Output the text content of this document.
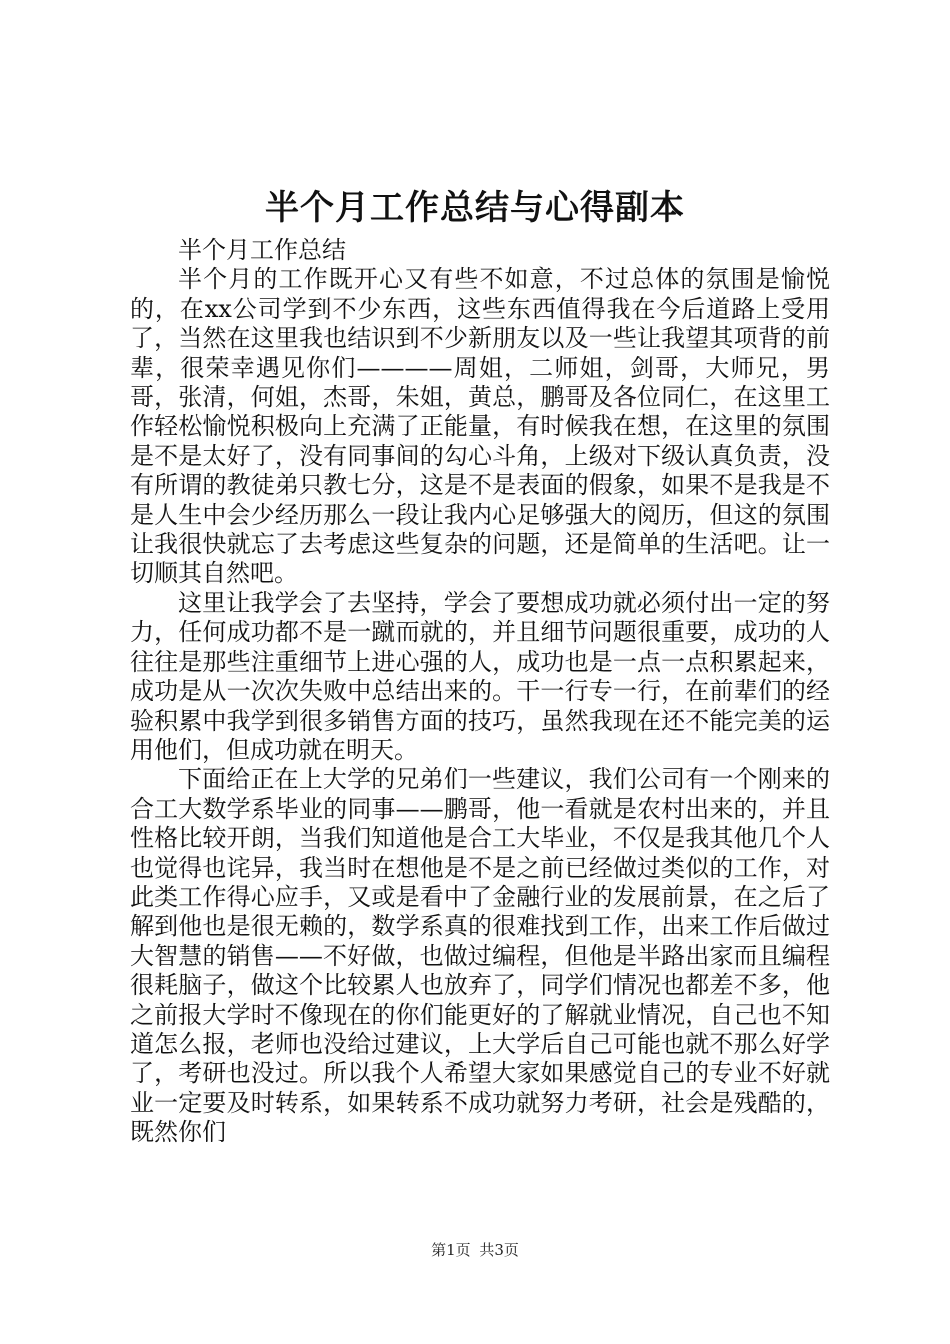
半个月工作总结与心得副本

半个月工作总结

半个月的工作既开心又有些不如意，不过总体的氛围是愉悦的，在xx公司学到不少东西，这些东西值得我在今后道路上受用了，当然在这里我也结识到不少新朋友以及一些让我望其项背的前辈，很荣幸遇见你们————周姐，二师姐，剑哥，大师兄，男哥，张清，何姐，杰哥，朱姐，黄总，鹏哥及各位同仁，在这里工作轻松愉悦积极向上充满了正能量，有时候我在想，在这里的氛围是不是太好了，没有同事间的勾心斗角，上级对下级认真负责，没有所谓的教徒弟只教七分，这是不是表面的假象，如果不是我是不是人生中会少经历那么一段让我内心足够强大的阅历，但这的氛围让我很快就忘了去考虑这些复杂的问题，还是简单的生活吧。让一切顺其自然吧。

这里让我学会了去坚持，学会了要想成功就必须付出一定的努力，任何成功都不是一蹴而就的，并且细节问题很重要，成功的人往往是那些注重细节上进心强的人，成功也是一点一点积累起来，成功是从一次次失败中总结出来的。干一行专一行，在前辈们的经验积累中我学到很多销售方面的技巧，虽然我现在还不能完美的运用他们，但成功就在明天。

下面给正在上大学的兄弟们一些建议，我们公司有一个刚来的合工大数学系毕业的同事——鹏哥，他一看就是农村出来的，并且性格比较开朗，当我们知道他是合工大毕业，不仅是我其他几个人也觉得也诧异，我当时在想他是不是之前已经做过类似的工作，对此类工作得心应手，又或是看中了金融行业的发展前景，在之后了解到他也是很无赖的，数学系真的很难找到工作，出来工作后做过大智慧的销售——不好做，也做过编程，但他是半路出家而且编程很耗脑子，做这个比较累人也放弃了，同学们情况也都差不多，他之前报大学时不像现在的你们能更好的了解就业情况，自己也不知道怎么报，老师也没给过建议，上大学后自己可能也就不那么好学了，考研也没过。所以我个人希望大家如果感觉自己的专业不好就业一定要及时转系，如果转系不成功就努力考研，社会是残酷的，既然你们

第1页 共3页
